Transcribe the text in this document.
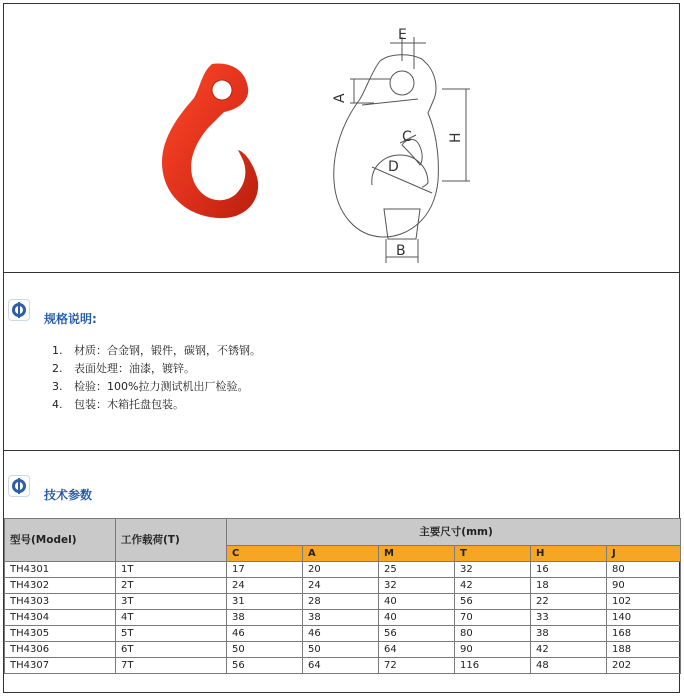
E
A
H
C
D
B
规格说明:
1.	材质：合金钢，锻件，碳钢，不锈钢。
2.	表面处理：油漆，镀锌。
3.	检验：100%拉力测试机出厂检验。
4.	包装：木箱托盘包装。
技术参数
型号(Model)	工作载荷(T)	主要尺寸(mm)					
		C	A	M	T	H	J
TH4301	1T	17	20	25	32	16	80
TH4302	2T	24	24	32	42	18	90
TH4303	3T	31	28	40	56	22	102
TH4304	4T	38	38	40	70	33	140
TH4305	5T	46	46	56	80	38	168
TH4306	6T	50	50	64	90	42	188
TH4307	7T	56	64	72	116	48	202
